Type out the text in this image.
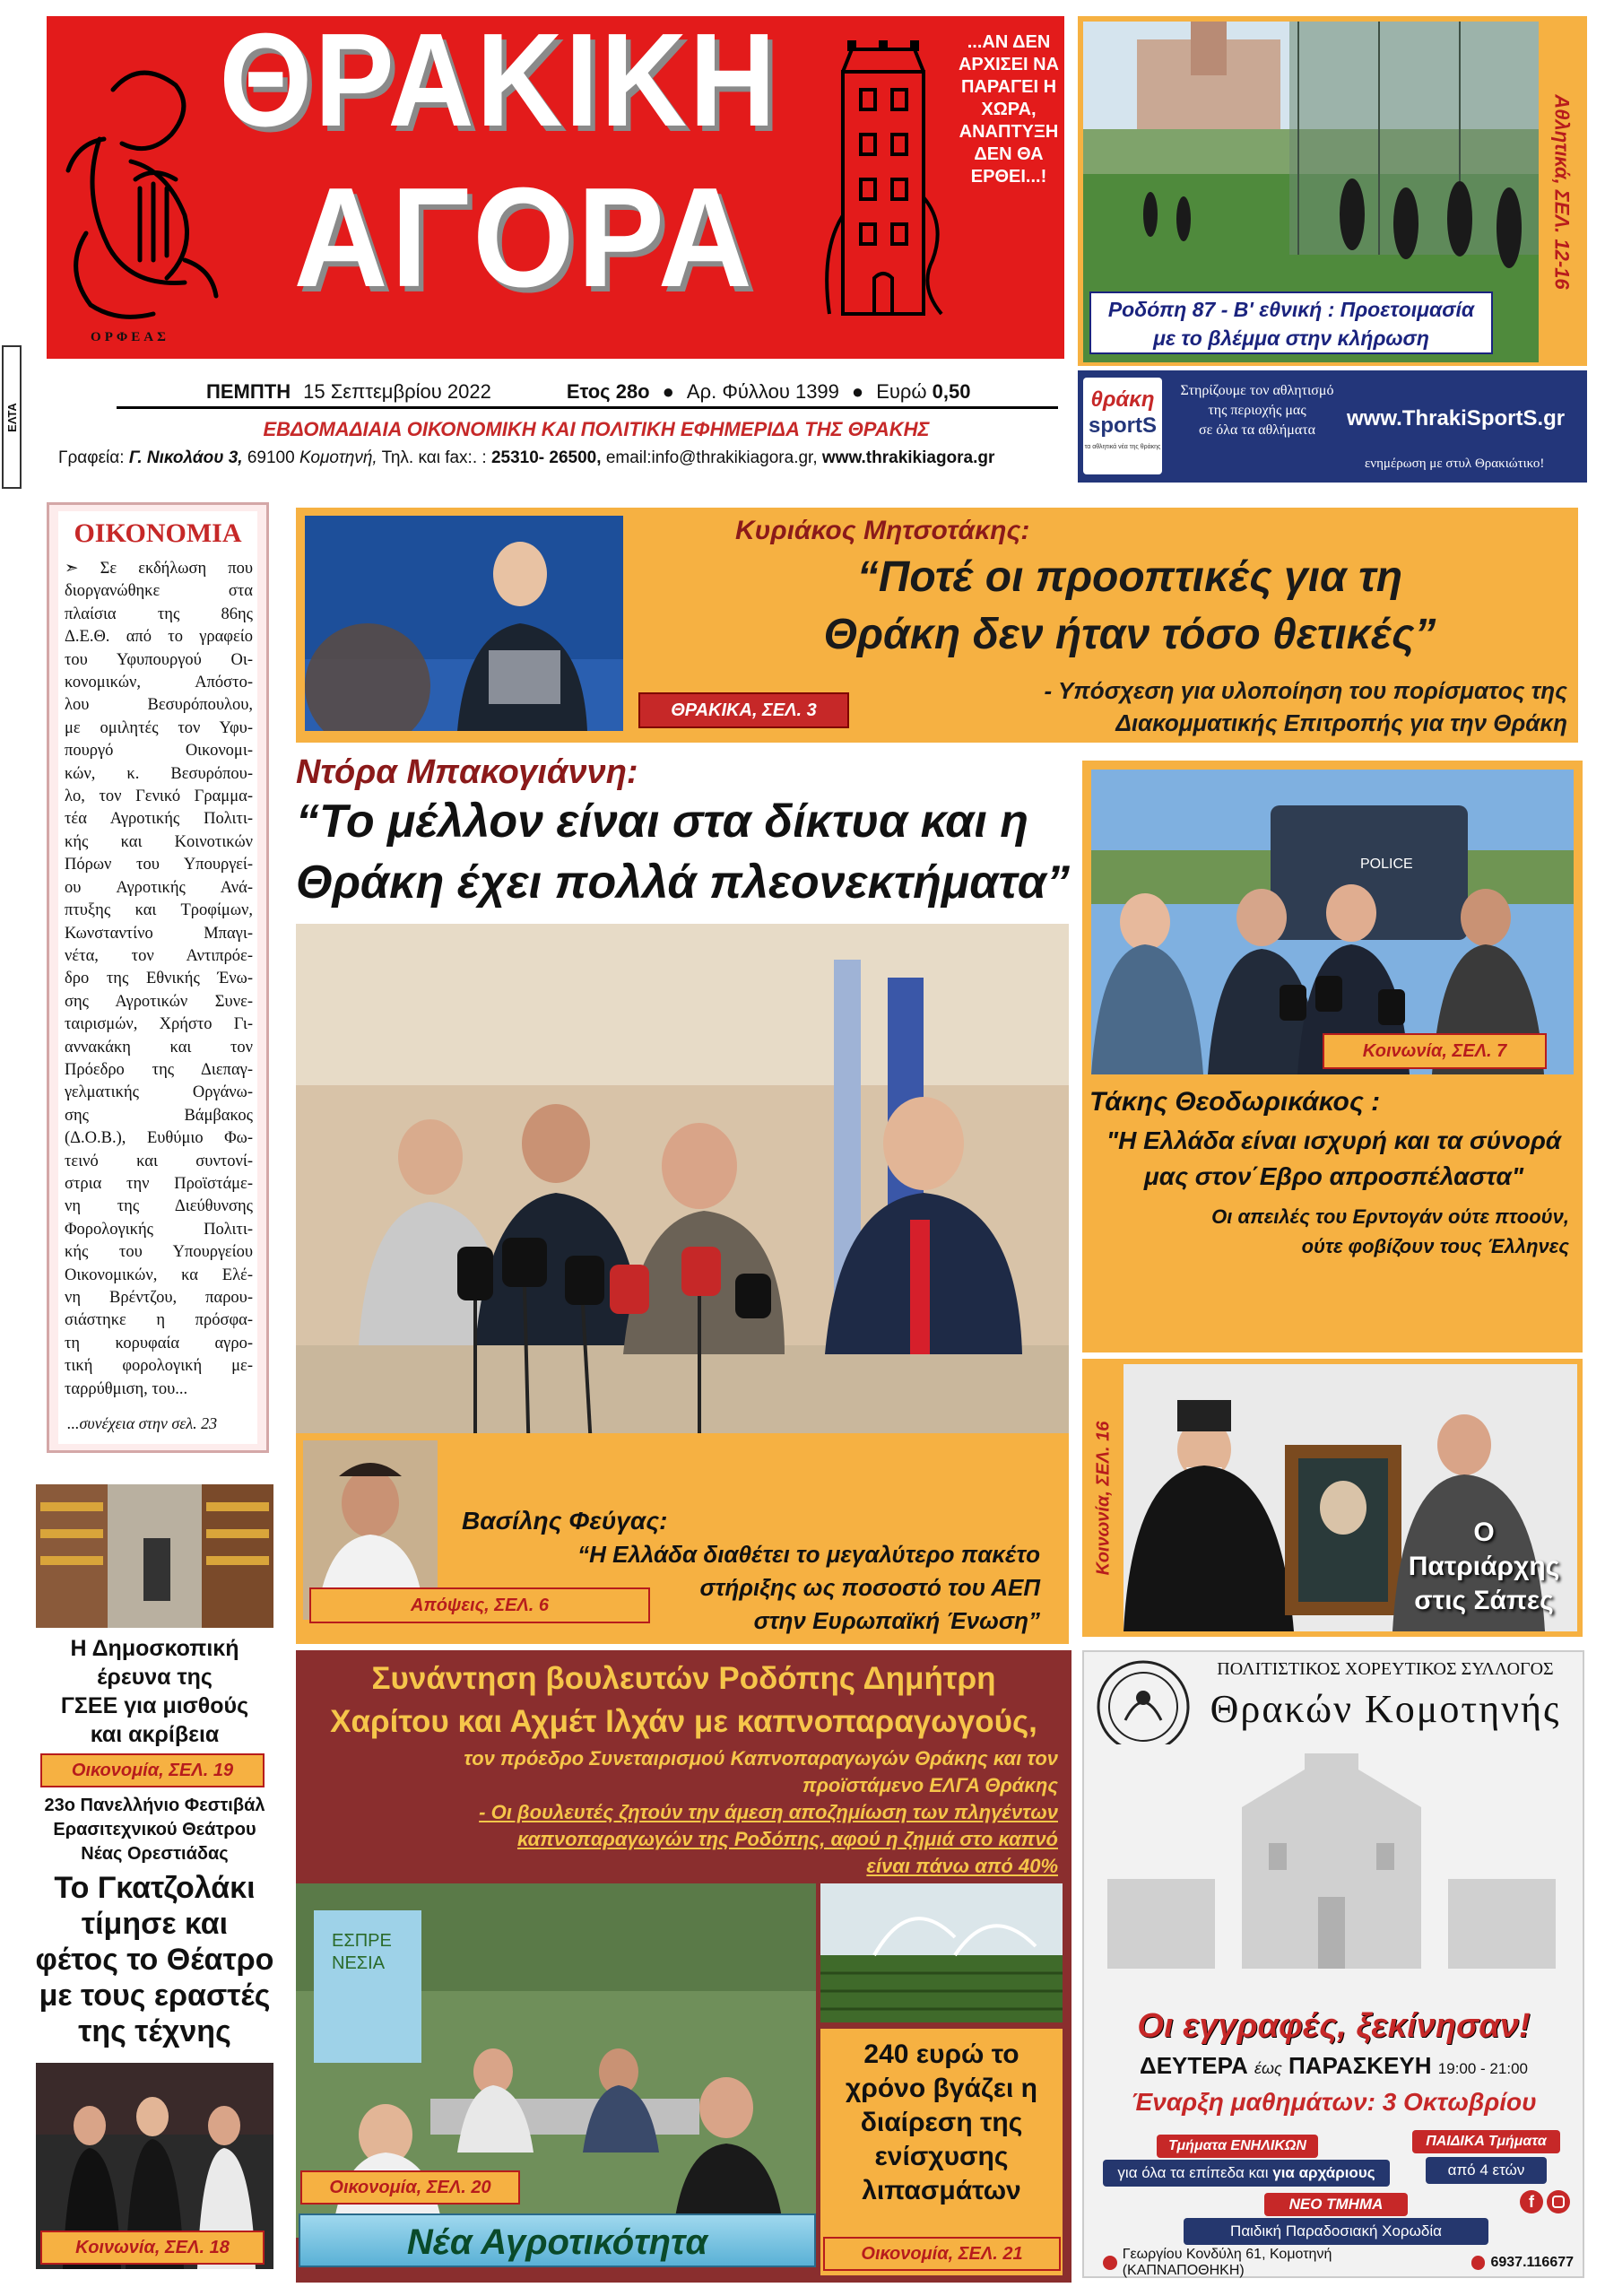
ΟΡΦΕΑΣ
ΘΡΑΚΙΚΗ
ΑΓΟΡΑ
...ΑΝ ΔΕΝ ΑΡΧΙΣΕΙ ΝΑ ΠΑΡΑΓΕΙ Η ΧΩΡΑ, ΑΝΑΠΤΥΞΗ ΔΕΝ ΘΑ ΕΡΘΕΙ...!
ΠΕΜΠΤΗ 15 Σεπτεμβρίου 2022	Ετος 28ο ● Αρ. Φύλλου 1399 ● Ευρώ 0,50
ΕΒΔΟΜΑΔΙΑΙΑ ΟΙΚΟΝΟΜΙΚΗ ΚΑΙ ΠΟΛΙΤΙΚΗ ΕΦΗΜΕΡΙΔΑ ΤΗΣ ΘΡΑΚΗΣ
Γραφεία: Γ. Νικολάου 3, 69100 Κομοτηνή, Τηλ. και fax:. : 25310- 26500, email:info@thrakikiagora.gr, www.thrakikiagora.gr
ΕΛΤΑ
Αθλητικά, ΣΕΛ. 12-16
Ροδόπη 87 - Β' εθνική : Προετοιμασία
με το βλέμμα στην κλήρωση
θράκη
sportS
τα αθλητικά νέα της θράκης
Στηρίζουμε τον αθλητισμό
της περιοχής μας
σε όλα τα αθλήματα	www.ThrakiSportS.gr
ενημέρωση με στυλ Θρακιώτικο!
ΟΙΚΟΝΟΜΙΑ
➣ Σε εκδήλωση που
διοργανώθηκε στα
πλαίσια της 86ης
Δ.Ε.Θ. από το γραφείο
του Υφυπουργού Οι-
κονομικών, Απόστο-
λου Βεσυρόπουλου,
με ομιλητές τον Υφυ-
πουργό Οικονομι-
κών, κ. Βεσυρόπου-
λο, τον Γενικό Γραμμα-
τέα Αγροτικής Πολιτι-
κής και Κοινοτικών
Πόρων του Υπουργεί-
ου Αγροτικής Ανά-
πτυξης και Τροφίμων,
Κωνσταντίνο Μπαγι-
νέτα, τον Αντιπρόε-
δρο της Εθνικής Ένω-
σης Αγροτικών Συνε-
ταιρισμών, Χρήστο Γι-
αννακάκη και τον
Πρόεδρο της Διεπαγ-
γελματικής Οργάνω-
σης Βάμβακος
(Δ.Ο.Β.), Ευθύμιο Φω-
τεινό και συντονί-
στρια την Προϊστάμε-
νη της Διεύθυνσης
Φορολογικής Πολιτι-
κής του Υπουργείου
Οικονομικών, κα Ελέ-
νη Βρέντζου, παρου-
σιάστηκε η πρόσφα-
τη κορυφαία αγρο-
τική φορολογική με-
ταρρύθμιση, του...
...συνέχεια στην σελ. 23
Κυριάκος Μητσοτάκης:
“Ποτέ οι προοπτικές για τη
Θράκη δεν ήταν τόσο θετικές”
- Υπόσχεση για υλοποίηση του πορίσματος της
Διακομματικής Επιτροπής για την Θράκη
ΘΡΑΚΙΚΑ, ΣΕΛ. 3
Ντόρα Μπακογιάννη:
“Το μέλλον είναι στα δίκτυα και η
Θράκη έχει πολλά πλεονεκτήματα”
Βασίλης Φεύγας:
“Η Ελλάδα διαθέτει το μεγαλύτερο πακέτο
στήριξης ως ποσοστό του ΑΕΠ
στην Ευρωπαϊκή Ένωση”
Απόψεις, ΣΕΛ. 6
POLICE
Κοινωνία, ΣΕΛ. 7
Τάκης Θεοδωρικάκος :
"Η Ελλάδα είναι ισχυρή και τα σύνορά
μας στον΄Εβρο απροσπέλαστα"
Οι απειλές του Ερντογάν ούτε πτοούν,
ούτε φοβίζουν τους Έλληνες
Κοινωνία, ΣΕΛ. 16	Ο
Πατριάρχης
στις Σάπες
Η Δημοσκοπική
έρευνα της
ΓΣΕΕ για μισθούς
και ακρίβεια
Οικονομία, ΣΕΛ. 19
23ο Πανελλήνιο Φεστιβάλ
Ερασιτεχνικού Θεάτρου
Νέας Ορεστιάδας
Το Γκατζολάκι
τίμησε και
φέτος το Θέατρο
με τους εραστές
της τέχνης
Κοινωνία, ΣΕΛ. 18
Συνάντηση βουλευτών Ροδόπης Δημήτρη
Χαρίτου και Αχμέτ Ιλχάν με καπνοπαραγωγούς,
τον πρόεδρο Συνεταιρισμού Καπνοπαραγωγών Θράκης και τον
προϊστάμενο ΕΛΓΑ Θράκης
- Οι βουλευτές ζητούν την άμεση αποζημίωση των πληγέντων
καπνοπαραγωγών της Ροδόπης, αφού η ζημιά στο καπνό
είναι πάνω από 40%
ΕΣΠΡΕ
ΝΕΣΙΑ
240 ευρώ το
χρόνο βγάζει η
διαίρεση της
ενίσχυσης
λιπασμάτων
Οικονομία, ΣΕΛ. 21
Οικονομία, ΣΕΛ. 20
Νέα Αγροτικότητα
ΠΟΛΙΤΙΣΤΙΚΟΣ ΧΟΡΕΥΤΙΚΟΣ ΣΥΛΛΟΓΟΣ
Θρακών Κομοτηνής
Οι εγγραφές, ξεκίνησαν!
ΔΕΥΤΕΡΑ έως ΠΑΡΑΣΚΕΥΗ 19:00 - 21:00
Έναρξη μαθημάτων: 3 Οκτωβρίου
Τμήματα ΕΝΗΛΙΚΩΝ
για όλα τα επίπεδα και για αρχάριους
ΠΑΙΔΙΚΑ Τμήματα
από 4 ετών
ΝΕΟ ΤΜΗΜΑ
Παιδική Παραδοσιακή Χορωδία
f
Γεωργίου Κονδύλη 61, Κομοτηνή (ΚΑΠΝΑΠΟΘΗΚΗ)
6937.116677
